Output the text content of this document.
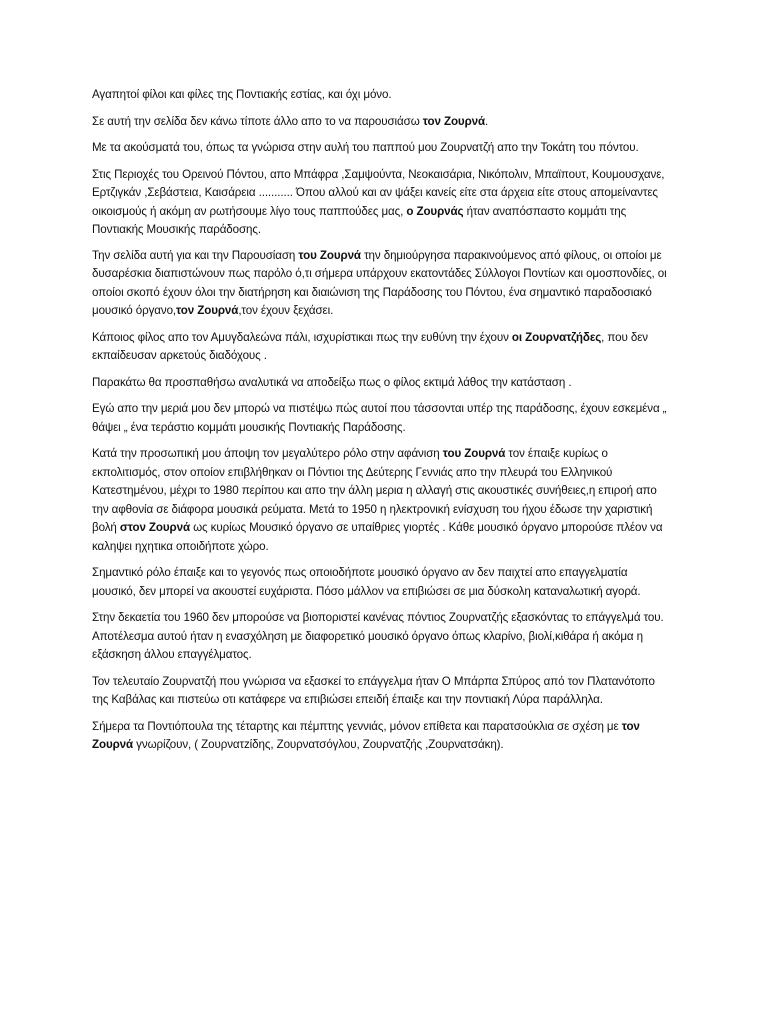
Αγαπητοί φίλοι και φίλες της Ποντιακής εστίας, και όχι μόνο.

Σε αυτή την σελίδα δεν κάνω τίποτε άλλο απο το να παρουσιάσω τον Ζουρνά.

Με τα ακούσματά του, όπως τα γνώρισα στην αυλή του παππού μου Ζουρνατζή απο την Τοκάτη του πόντου.

Στις Περιοχές του Ορεινού Πόντου, απο Μπάφρα ,Σαμψούντα, Νεοκαισάρια, Νικόπολιν, Μπαϊπουτ, Κουμουσχανε, Ερτζιγκάν ,Σεβάστεια, Καισάρεια ........... Όπου αλλού και αν ψάξει κανείς είτε στα άρχεια είτε στους απομείναντες οικοισμούς ή ακόμη αν ρωτήσουμε λίγο τους παππούδες μας, ο Ζουρνάς ήταν αναπόσπαστο κομμάτι της Ποντιακής Μουσικής παράδοσης.

Την σελίδα αυτή για και την Παρουσίαση του Ζουρνά την δημιούργησα παρακινούμενος από φίλους, οι οποίοι με δυσαρέσκια διαπιστώνουν πως παρόλο ό,τι σήμερα υπάρχουν εκατοντάδες Σύλλογοι Ποντίων και ομοσπονδίες, οι οποίοι σκοπό έχουν όλοι την διατήρηση και διαιώνιση της Παράδοσης του Πόντου, ένα σημαντικό παραδοσιακό μουσικό όργανο,τον Ζουρνά,τον έχουν ξεχάσει.

Κάποιος φίλος απο τον Αμυγδαλεώνα πάλι, ισχυρίστικαι πως την ευθύνη την έχουν οι Ζουρνατζήδες, που δεν εκπαίδευσαν αρκετούς διαδόχους .

Παρακάτω θα προσπαθήσω αναλυτικά να αποδείξω πως ο φίλος εκτιμά λάθος την κατάσταση .

Εγώ απο την μεριά μου δεν μπορώ να πιστέψω πώς αυτοί που τάσσονται υπέρ της παράδοσης, έχουν εσκεμένα „ θάψει „ ένα τεράστιο κομμάτι μουσικής Ποντιακής Παράδοσης.

Κατά την προσωπική μου άποψη τον μεγαλύτερο ρόλο στην αφάνιση του Ζουρνά τον έπαιξε κυρίως ο εκπολιτισμός, στον οποίον επιβλήθηκαν οι Πόντιοι της Δεύτερης Γεννιάς απο την πλευρά του Ελληνικού Κατεστημένου, μέχρι το 1980 περίπου και απο την άλλη μερια η αλλαγή στις ακουστικές συνήθειες,η επιροή απο την αφθονία σε διάφορα μουσικά ρεύματα. Μετά το 1950 η ηλεκτρονική ενίσχυση του ήχου έδωσε την χαριστική βολή στον Ζουρνά ως κυρίως Μουσικό όργανο σε υπαίθριες γιορτές . Κάθε μουσικό όργανο μπορούσε πλέον να καληψει ηχητικα οποιδήποτε χώρο.

Σημαντικό ρόλο έπαιξε και το γεγονός πως οποιοδήποτε μουσικό όργανο αν δεν παιχτεί απο επαγγελματία μουσικό, δεν μπορεί να ακουστεί ευχάριστα. Πόσο μάλλον να επιβιώσει σε μια δύσκολη καταναλωτική αγορά.

Στην δεκαετία του 1960 δεν μπορούσε να βιοποριστεί κανένας πόντιος Ζουρνατζής εξασκόντας το επάγγελμά του. Αποτέλεσμα αυτού ήταν η ενασχόληση με διαφορετικό μουσικό όργανο όπως κλαρίνο, βιολί,κιθάρα ή ακόμα η εξάσκηση άλλου επαγγέλματος.

Τον τελευταίο Ζουρνατζή που γνώρισα να εξασκεί το επάγγελμα ήταν Ο Μπάρπα Σπύρος από τον Πλατανότοπο της Καβάλας και πιστεύω οτι κατάφερε να επιβιώσει επειδή έπαιξε και την ποντιακή Λύρα παράλληλα.

Σήμερα τα Ποντιόπουλα της τέταρτης και πέμπτης γεννιάς, μόνον επίθετα και παρατσούκλια σε σχέση με τον Ζουρνά γνωρίζουν, ( Ζουρνατzίδης, Ζουρνατσόγλου, Ζουρνατζής ,Ζουρνατσάκη).
